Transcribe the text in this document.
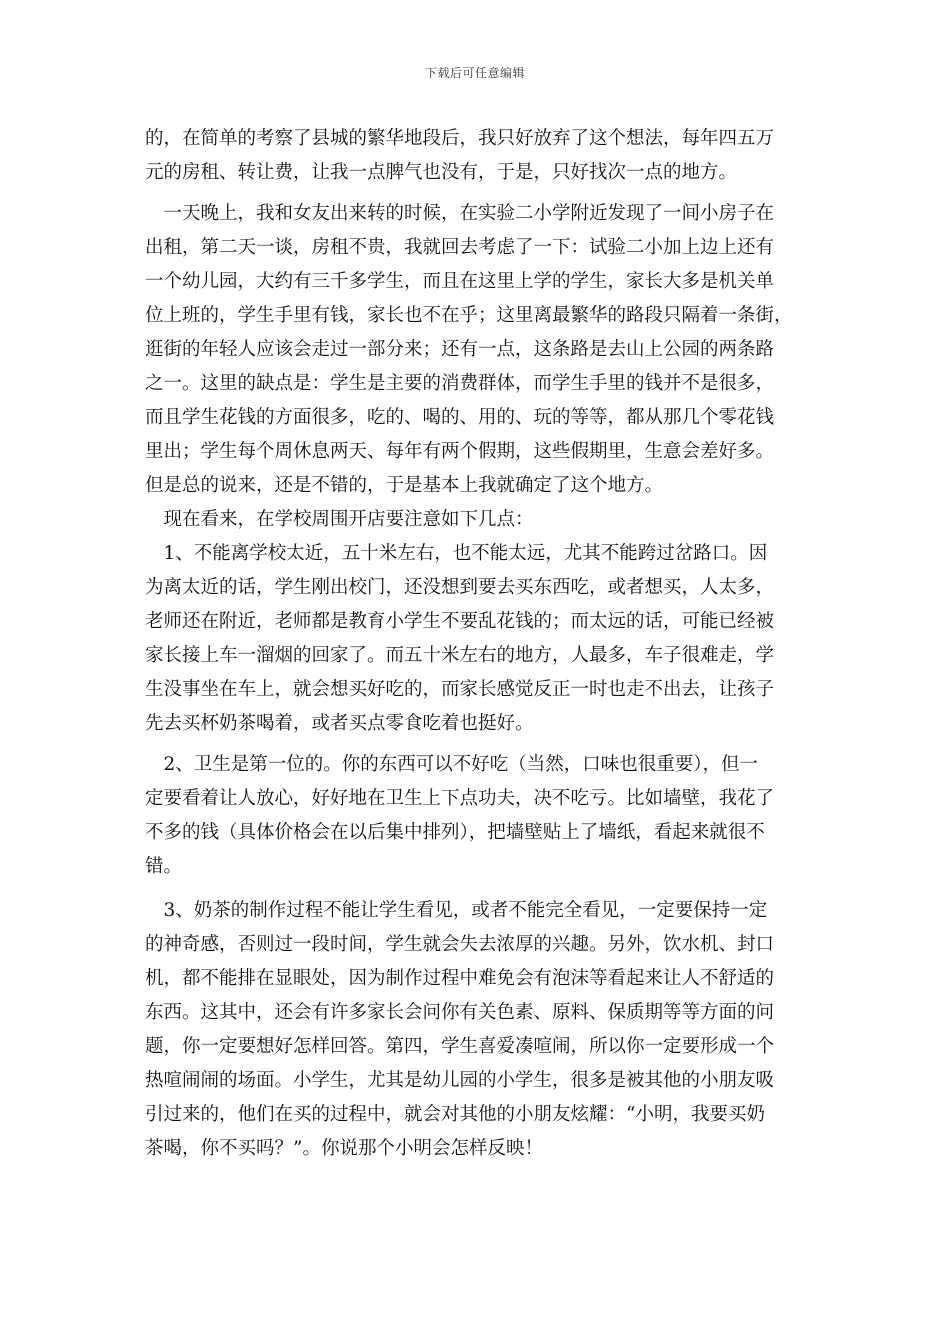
下载后可任意编辑
的，在简单的考察了县城的繁华地段后，我只好放弃了这个想法，每年四五万
元的房租、转让费，让我一点脾气也没有，于是，只好找次一点的地方。
　一天晚上，我和女友出来转的时候，在实验二小学附近发现了一间小房子在
出租，第二天一谈，房租不贵，我就回去考虑了一下：试验二小加上边上还有
一个幼儿园，大约有三千多学生，而且在这里上学的学生，家长大多是机关单
位上班的，学生手里有钱，家长也不在乎；这里离最繁华的路段只隔着一条街，
逛街的年轻人应该会走过一部分来；还有一点，这条路是去山上公园的两条路
之一。这里的缺点是：学生是主要的消费群体，而学生手里的钱并不是很多，
而且学生花钱的方面很多，吃的、喝的、用的、玩的等等，都从那几个零花钱
里出；学生每个周休息两天、每年有两个假期，这些假期里，生意会差好多。
但是总的说来，还是不错的，于是基本上我就确定了这个地方。
　现在看来，在学校周围开店要注意如下几点：
　1、不能离学校太近，五十米左右，也不能太远，尤其不能跨过岔路口。因
为离太近的话，学生刚出校门，还没想到要去买东西吃，或者想买，人太多，
老师还在附近，老师都是教育小学生不要乱花钱的；而太远的话，可能已经被
家长接上车一溜烟的回家了。而五十米左右的地方，人最多，车子很难走，学
生没事坐在车上，就会想买好吃的，而家长感觉反正一时也走不出去，让孩子
先去买杯奶茶喝着，或者买点零食吃着也挺好。
　2、卫生是第一位的。你的东西可以不好吃（当然，口味也很重要），但一
定要看着让人放心，好好地在卫生上下点功夫，决不吃亏。比如墙壁，我花了
不多的钱（具体价格会在以后集中排列），把墙壁贴上了墙纸，看起来就很不
错。
　3、奶茶的制作过程不能让学生看见，或者不能完全看见，一定要保持一定
的神奇感，否则过一段时间，学生就会失去浓厚的兴趣。另外，饮水机、封口
机，都不能排在显眼处，因为制作过程中难免会有泡沫等看起来让人不舒适的
东西。这其中，还会有许多家长会问你有关色素、原料、保质期等等方面的问
题，你一定要想好怎样回答。第四，学生喜爱凑喧闹，所以你一定要形成一个
热喧闹闹的场面。小学生，尤其是幼儿园的小学生，很多是被其他的小朋友吸
引过来的，他们在买的过程中，就会对其他的小朋友炫耀：“小明，我要买奶
茶喝，你不买吗？”。你说那个小明会怎样反映！
